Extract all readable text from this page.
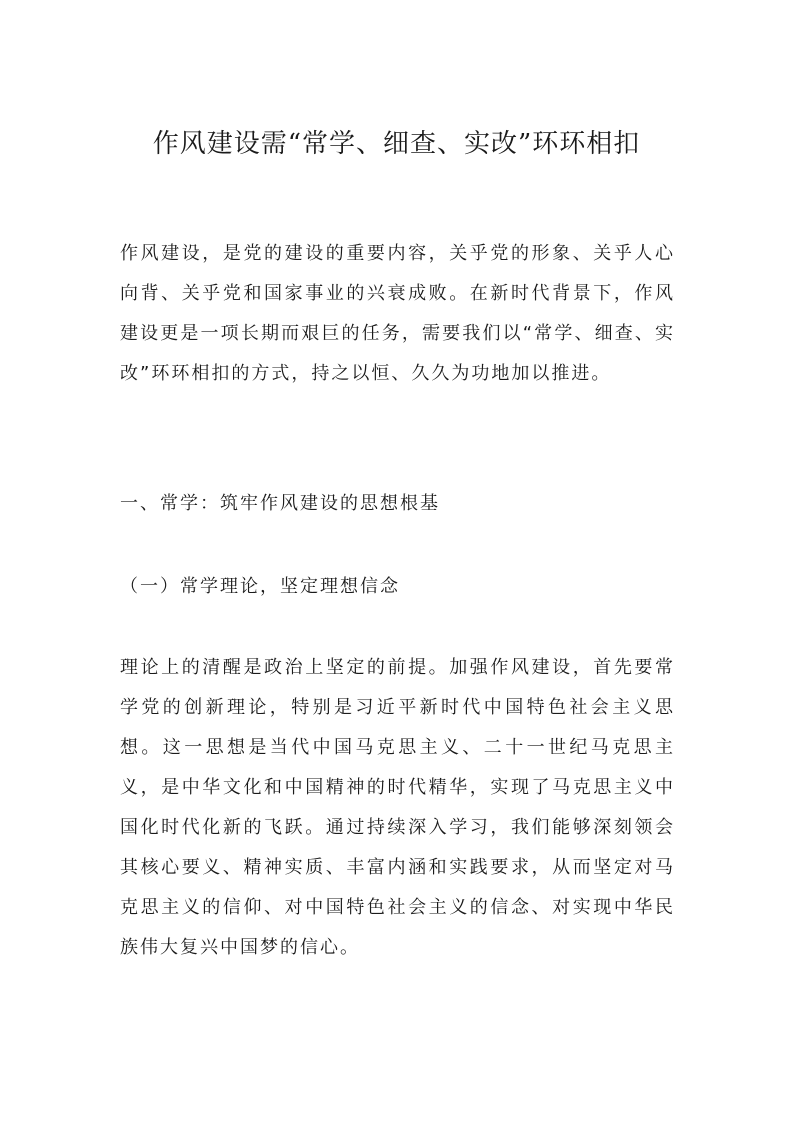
作风建设需“常学、细查、实改”环环相扣

作风建设，是党的建设的重要内容，关乎党的形象、关乎人心向背、关乎党和国家事业的兴衰成败。在新时代背景下，作风建设更是一项长期而艰巨的任务，需要我们以“常学、细查、实改”环环相扣的方式，持之以恒、久久为功地加以推进。

一、常学：筑牢作风建设的思想根基

（一）常学理论，坚定理想信念

理论上的清醒是政治上坚定的前提。加强作风建设，首先要常学党的创新理论，特别是习近平新时代中国特色社会主义思想。这一思想是当代中国马克思主义、二十一世纪马克思主义，是中华文化和中国精神的时代精华，实现了马克思主义中国化时代化新的飞跃。通过持续深入学习，我们能够深刻领会其核心要义、精神实质、丰富内涵和实践要求，从而坚定对马克思主义的信仰、对中国特色社会主义的信念、对实现中华民族伟大复兴中国梦的信心。
